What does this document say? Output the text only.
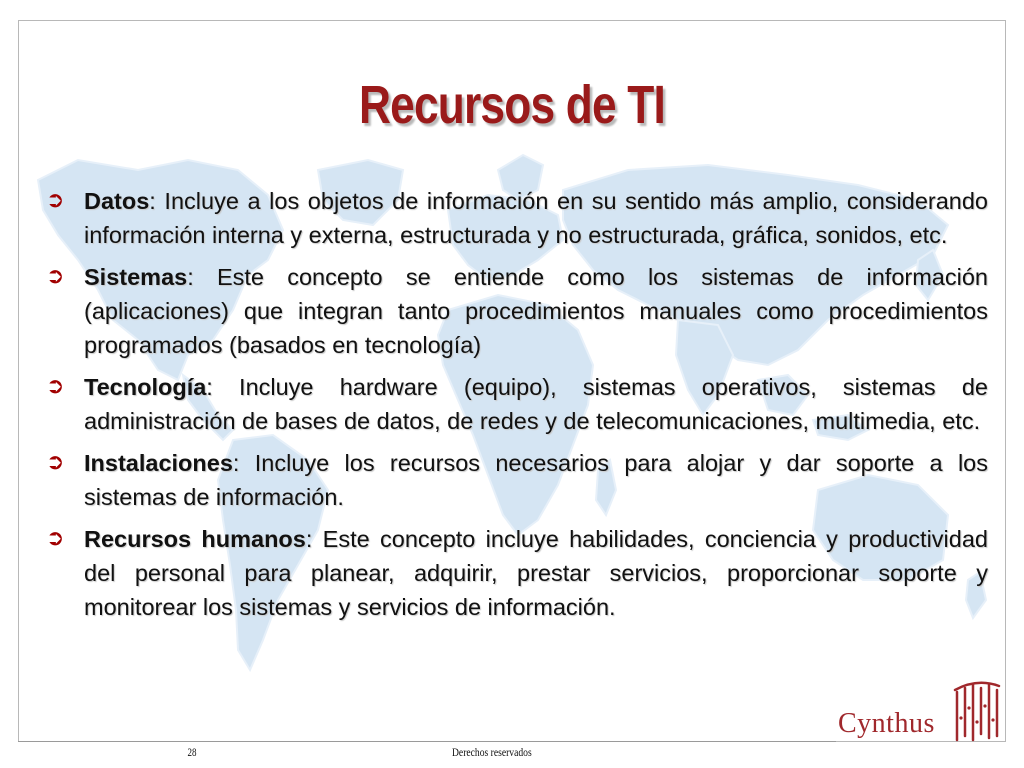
Recursos de TI
➲ Datos: Incluye a los objetos de información en su sentido más amplio, considerando información interna y externa, estructurada y no estructurada, gráfica, sonidos, etc.
➲ Sistemas: Este concepto se entiende como los sistemas de información (aplicaciones) que integran tanto procedimientos manuales como procedimientos programados (basados en tecnología)
➲ Tecnología: Incluye hardware (equipo), sistemas operativos, sistemas de administración de bases de datos, de redes y de telecomunicaciones, multimedia, etc.
➲ Instalaciones: Incluye los recursos necesarios para alojar y dar soporte a los sistemas de información.
➲ Recursos humanos: Este concepto incluye habilidades, conciencia y productividad del personal para planear, adquirir, prestar servicios, proporcionar soporte y monitorear los sistemas y servicios de información.
28	Derechos reservados
Cynthus
